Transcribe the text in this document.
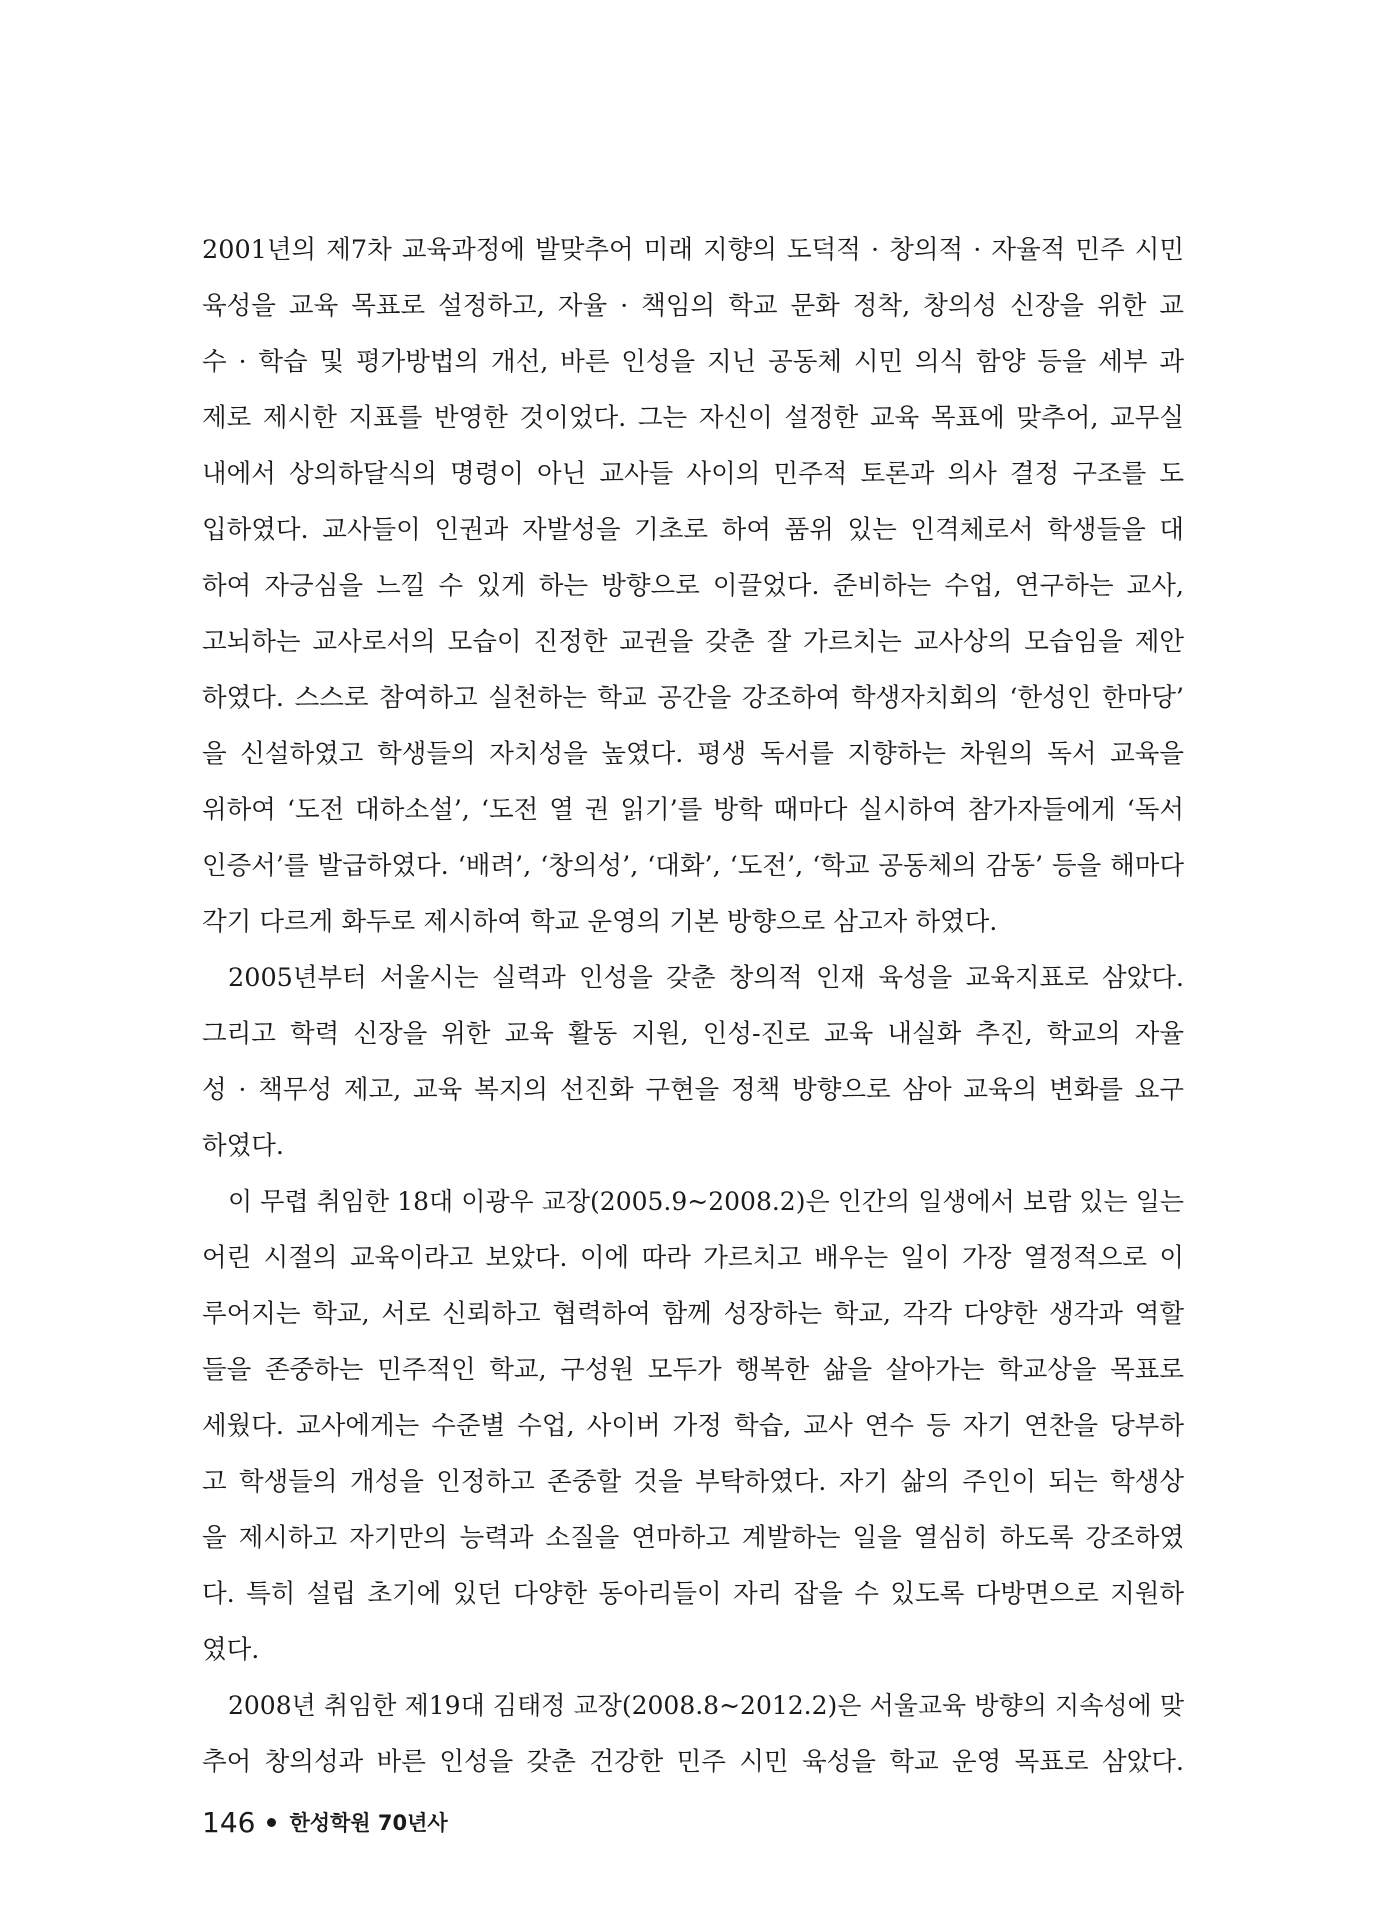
2001년의 제7차 교육과정에 발맞추어 미래 지향의 도덕적 · 창의적 · 자율적 민주 시민
육성을 교육 목표로 설정하고, 자율 · 책임의 학교 문화 정착, 창의성 신장을 위한 교
수 · 학습 및 평가방법의 개선, 바른 인성을 지닌 공동체 시민 의식 함양 등을 세부 과
제로 제시한 지표를 반영한 것이었다. 그는 자신이 설정한 교육 목표에 맞추어, 교무실
내에서 상의하달식의 명령이 아닌 교사들 사이의 민주적 토론과 의사 결정 구조를 도
입하였다. 교사들이 인권과 자발성을 기초로 하여 품위 있는 인격체로서 학생들을 대
하여 자긍심을 느낄 수 있게 하는 방향으로 이끌었다. 준비하는 수업, 연구하는 교사,
고뇌하는 교사로서의 모습이 진정한 교권을 갖춘 잘 가르치는 교사상의 모습임을 제안
하였다. 스스로 참여하고 실천하는 학교 공간을 강조하여 학생자치회의 ‘한성인 한마당’
을 신설하였고 학생들의 자치성을 높였다. 평생 독서를 지향하는 차원의 독서 교육을
위하여 ‘도전 대하소설’, ‘도전 열 권 읽기’를 방학 때마다 실시하여 참가자들에게 ‘독서
인증서’를 발급하였다. ‘배려’, ‘창의성’, ‘대화’, ‘도전’, ‘학교 공동체의 감동’ 등을 해마다
각기 다르게 화두로 제시하여 학교 운영의 기본 방향으로 삼고자 하였다.
2005년부터 서울시는 실력과 인성을 갖춘 창의적 인재 육성을 교육지표로 삼았다.
그리고 학력 신장을 위한 교육 활동 지원, 인성-진로 교육 내실화 추진, 학교의 자율
성 · 책무성 제고, 교육 복지의 선진화 구현을 정책 방향으로 삼아 교육의 변화를 요구
하였다.
이 무렵 취임한 18대 이광우 교장(2005.9~2008.2)은 인간의 일생에서 보람 있는 일는
어린 시절의 교육이라고 보았다. 이에 따라 가르치고 배우는 일이 가장 열정적으로 이
루어지는 학교, 서로 신뢰하고 협력하여 함께 성장하는 학교, 각각 다양한 생각과 역할
들을 존중하는 민주적인 학교, 구성원 모두가 행복한 삶을 살아가는 학교상을 목표로
세웠다. 교사에게는 수준별 수업, 사이버 가정 학습, 교사 연수 등 자기 연찬을 당부하
고 학생들의 개성을 인정하고 존중할 것을 부탁하였다. 자기 삶의 주인이 되는 학생상
을 제시하고 자기만의 능력과 소질을 연마하고 계발하는 일을 열심히 하도록 강조하였
다. 특히 설립 초기에 있던 다양한 동아리들이 자리 잡을 수 있도록 다방면으로 지원하
였다.
2008년 취임한 제19대 김태정 교장(2008.8~2012.2)은 서울교육 방향의 지속성에 맞
추어 창의성과 바른 인성을 갖춘 건강한 민주 시민 육성을 학교 운영 목표로 삼았다.
146 한성학원 70년사
